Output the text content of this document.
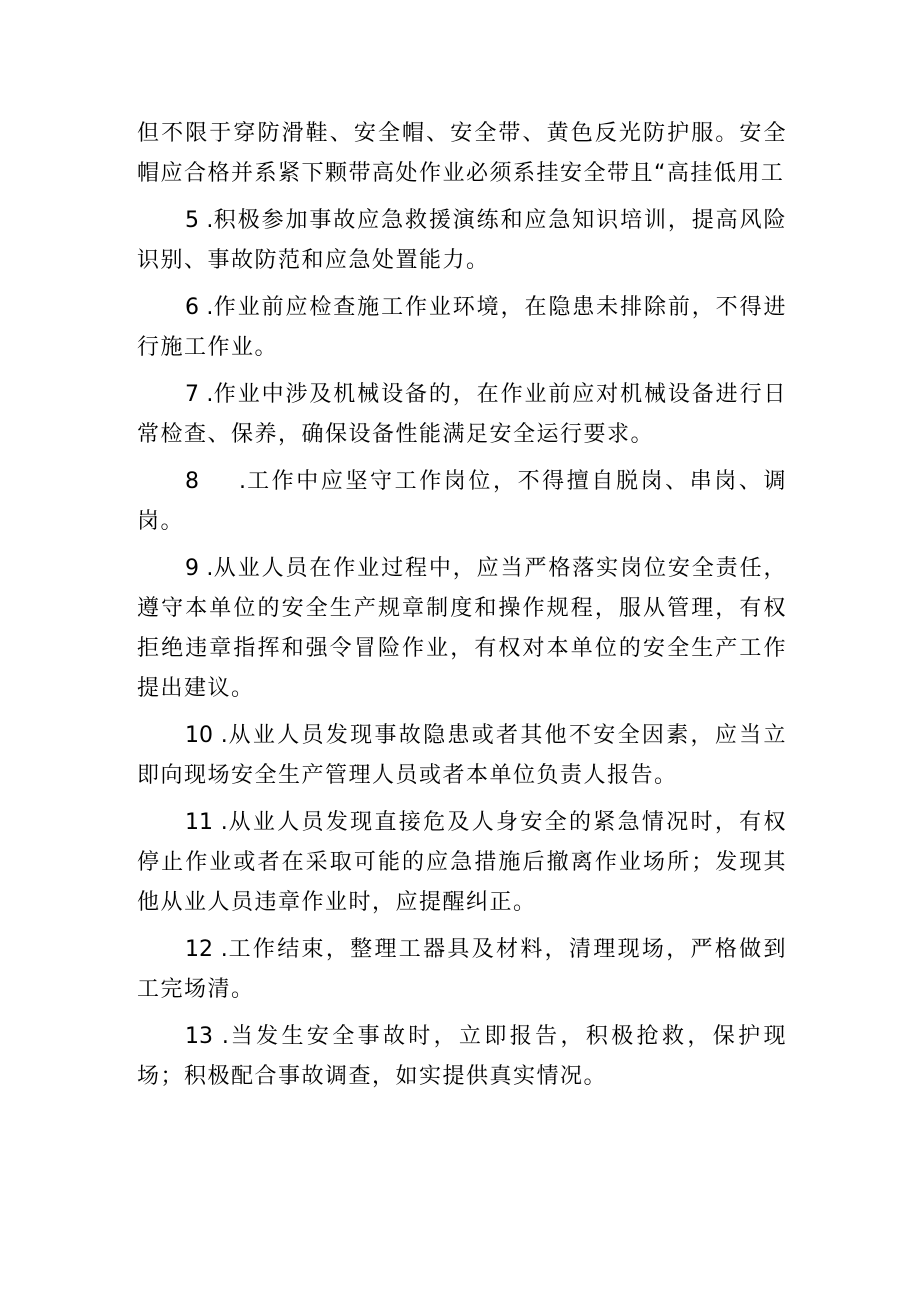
但不限于穿防滑鞋、安全帽、安全带、黄色反光防护服。安全帽应合格并系紧下颗带高处作业必须系挂安全带且“高挂低用工

5 .积极参加事故应急救援演练和应急知识培训，提高风险识别、事故防范和应急处置能力。

6 .作业前应检查施工作业环境，在隐患未排除前，不得进行施工作业。

7 .作业中涉及机械设备的，在作业前应对机械设备进行日常检查、保养，确保设备性能满足安全运行要求。

8 .工作中应坚守工作岗位，不得擅自脱岗、串岗、调岗。

9 .从业人员在作业过程中，应当严格落实岗位安全责任，遵守本单位的安全生产规章制度和操作规程，服从管理，有权拒绝违章指挥和强令冒险作业，有权对本单位的安全生产工作提出建议。

10 .从业人员发现事故隐患或者其他不安全因素，应当立即向现场安全生产管理人员或者本单位负责人报告。

11 .从业人员发现直接危及人身安全的紧急情况时，有权停止作业或者在采取可能的应急措施后撤离作业场所；发现其他从业人员违章作业时，应提醒纠正。

12 .工作结束，整理工器具及材料，清理现场，严格做到工完场清。

13 .当发生安全事故时，立即报告，积极抢救，保护现场；积极配合事故调查，如实提供真实情况。
